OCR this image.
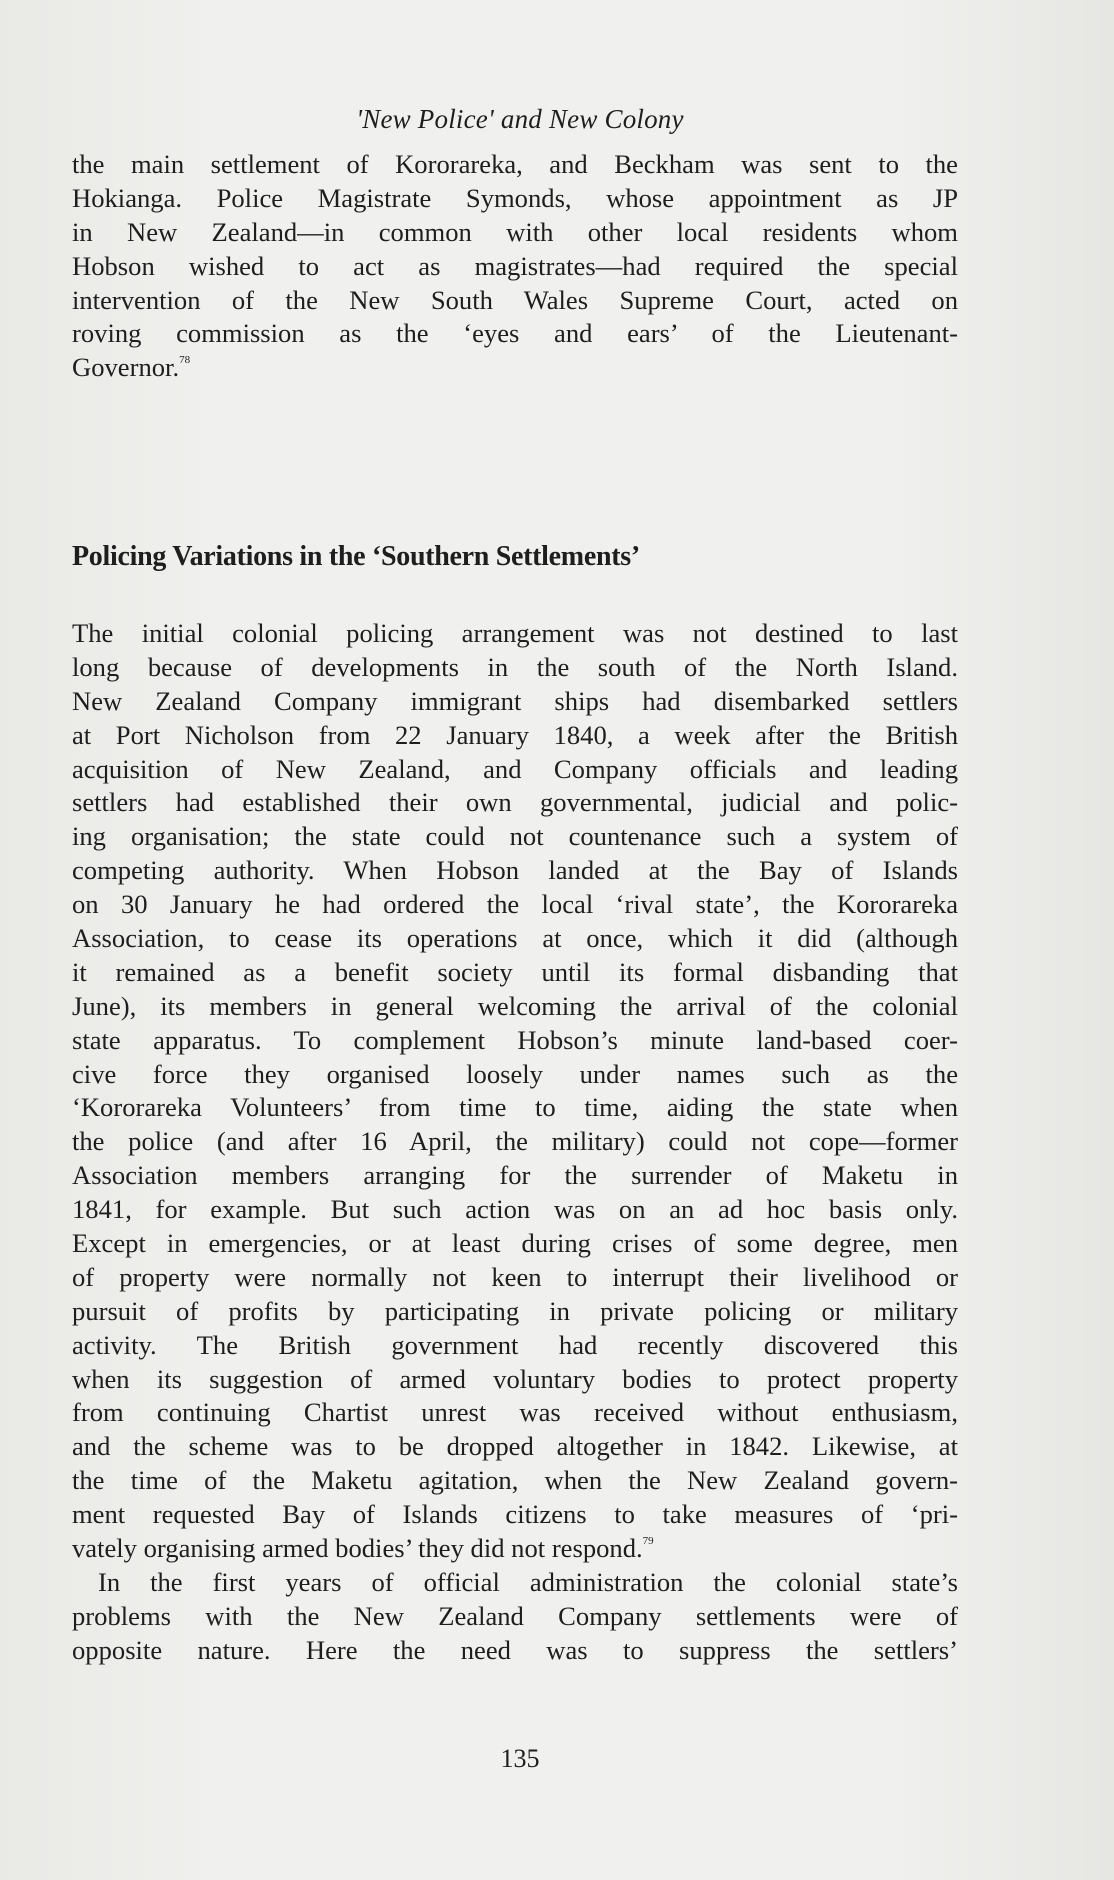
'New Police' and New Colony
the main settlement of Kororareka, and Beckham was sent to the
Hokianga. Police Magistrate Symonds, whose appointment as JP
in New Zealand—in common with other local residents whom
Hobson wished to act as magistrates—had required the special
intervention of the New South Wales Supreme Court, acted on
roving commission as the ‘eyes and ears’ of the Lieutenant-
Governor.$^{78}$
Policing Variations in the ‘Southern Settlements’
The initial colonial policing arrangement was not destined to last
long because of developments in the south of the North Island.
New Zealand Company immigrant ships had disembarked settlers
at Port Nicholson from 22 January 1840, a week after the British
acquisition of New Zealand, and Company officials and leading
settlers had established their own governmental, judicial and polic-
ing organisation; the state could not countenance such a system of
competing authority. When Hobson landed at the Bay of Islands
on 30 January he had ordered the local ‘rival state’, the Kororareka
Association, to cease its operations at once, which it did (although
it remained as a benefit society until its formal disbanding that
June), its members in general welcoming the arrival of the colonial
state apparatus. To complement Hobson’s minute land-based coer-
cive force they organised loosely under names such as the
‘Kororareka Volunteers’ from time to time, aiding the state when
the police (and after 16 April, the military) could not cope—former
Association members arranging for the surrender of Maketu in
1841, for example. But such action was on an ad hoc basis only.
Except in emergencies, or at least during crises of some degree, men
of property were normally not keen to interrupt their livelihood or
pursuit of profits by participating in private policing or military
activity. The British government had recently discovered this
when its suggestion of armed voluntary bodies to protect property
from continuing Chartist unrest was received without enthusiasm,
and the scheme was to be dropped altogether in 1842. Likewise, at
the time of the Maketu agitation, when the New Zealand govern-
ment requested Bay of Islands citizens to take measures of ‘pri-
vately organising armed bodies’ they did not respond.$^{79}$
In the first years of official administration the colonial state’s
problems with the New Zealand Company settlements were of
opposite nature. Here the need was to suppress the settlers’
135
